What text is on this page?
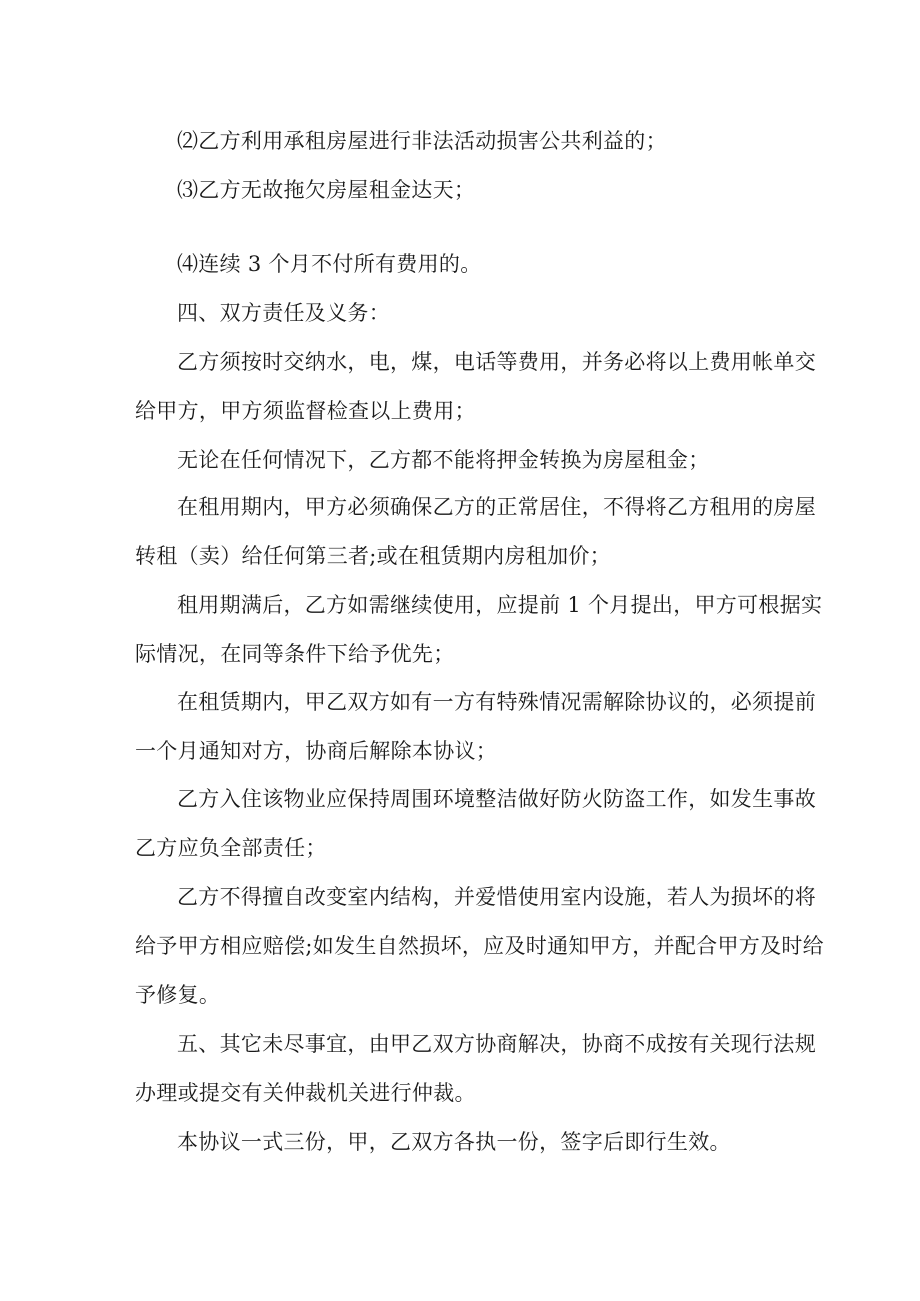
⑵乙方利用承租房屋进行非法活动损害公共利益的；
⑶乙方无故拖欠房屋租金达天；
⑷连续 3 个月不付所有费用的。
四、双方责任及义务：
乙方须按时交纳水，电，煤，电话等费用，并务必将以上费用帐单交
给甲方，甲方须监督检查以上费用；
无论在任何情况下，乙方都不能将押金转换为房屋租金；
在租用期内，甲方必须确保乙方的正常居住，不得将乙方租用的房屋
转租（卖）给任何第三者;或在租赁期内房租加价；
租用期满后，乙方如需继续使用，应提前 1 个月提出，甲方可根据实
际情况，在同等条件下给予优先；
在租赁期内，甲乙双方如有一方有特殊情况需解除协议的，必须提前
一个月通知对方，协商后解除本协议；
乙方入住该物业应保持周围环境整洁做好防火防盗工作，如发生事故
乙方应负全部责任；
乙方不得擅自改变室内结构，并爱惜使用室内设施，若人为损坏的将
给予甲方相应赔偿;如发生自然损坏，应及时通知甲方，并配合甲方及时给
予修复。
五、其它未尽事宜，由甲乙双方协商解决，协商不成按有关现行法规
办理或提交有关仲裁机关进行仲裁。
本协议一式三份，甲，乙双方各执一份，签字后即行生效。
